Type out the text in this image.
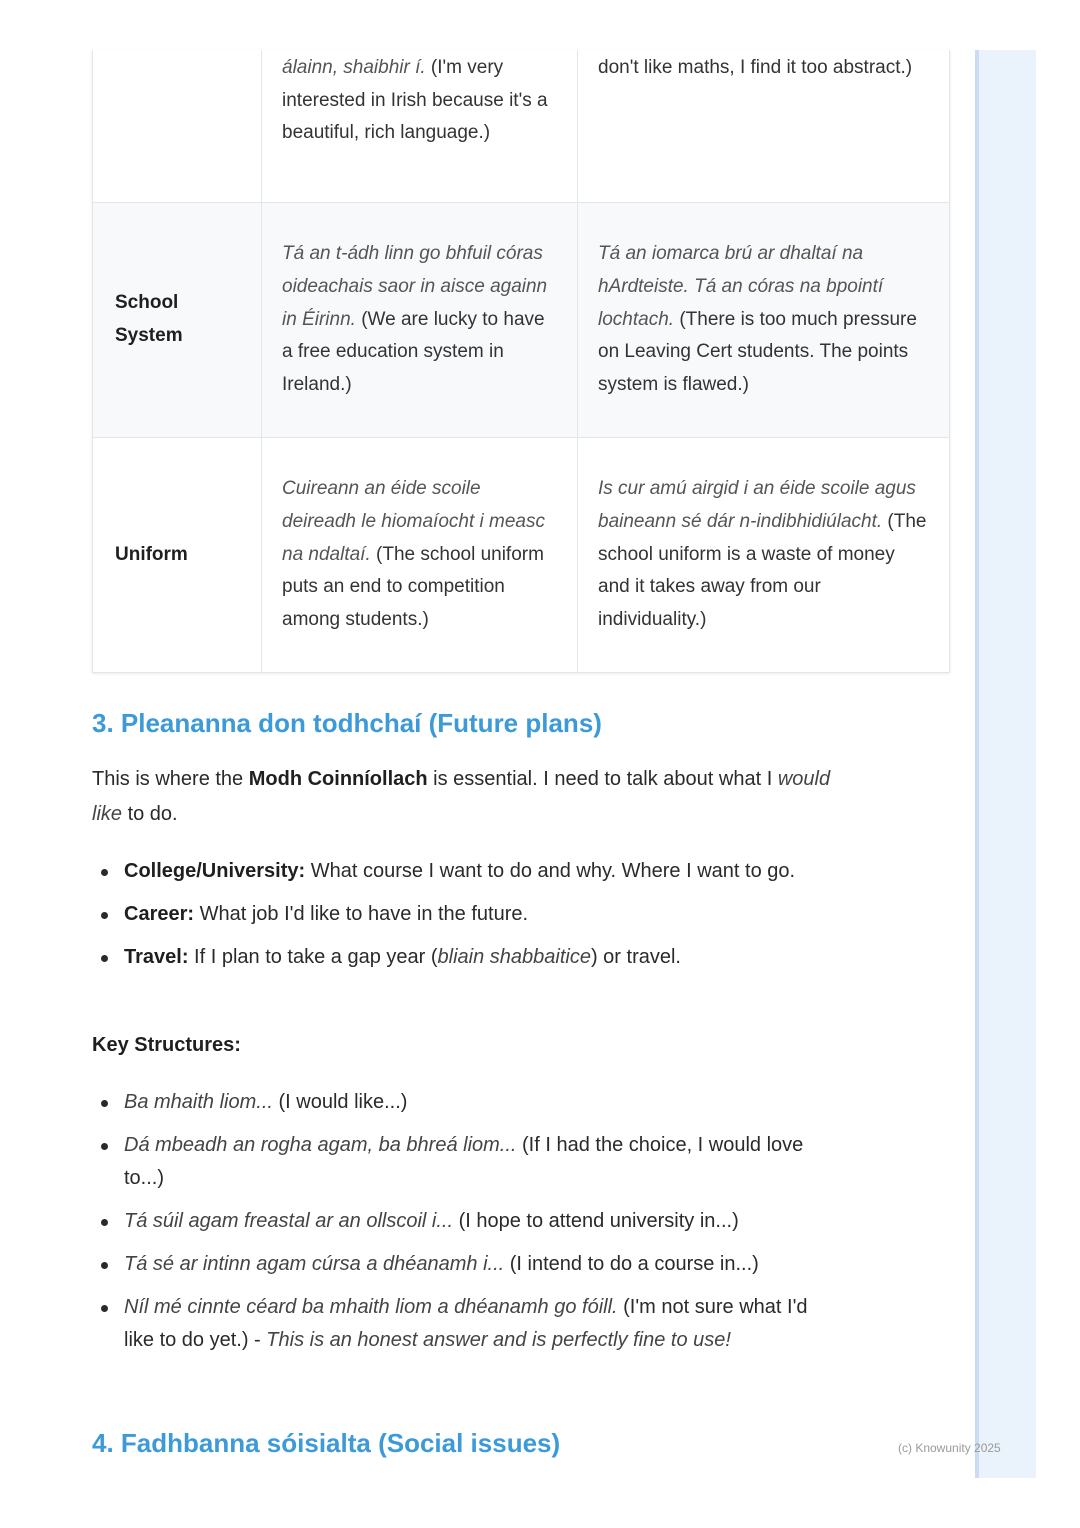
	álainn, shaibhir í. (I'm very interested in Irish because it's a beautiful, rich language.)	don't like maths, I find it too abstract.)
School System	Tá an t-ádh linn go bhfuil córas oideachais saor in aisce againn in Éirinn. (We are lucky to have a free education system in Ireland.)	Tá an iomarca brú ar dhaltaí na hArdteiste. Tá an córas na bpointí lochtach. (There is too much pressure on Leaving Cert students. The points system is flawed.)
Uniform	Cuireann an éide scoile deireadh le hiomaíocht i measc na ndaltaí. (The school uniform puts an end to competition among students.)	Is cur amú airgid i an éide scoile agus baineann sé dár n-indibhidiúlacht. (The school uniform is a waste of money and it takes away from our individuality.)
3. Pleananna don todhchaí (Future plans)

This is where the Modh Coinníollach is essential. I need to talk about what I would like to do.

College/University: What course I want to do and why. Where I want to go.
Career: What job I'd like to have in the future.
Travel: If I plan to take a gap year (bliain shabbaitice) or travel.

Key Structures:

Ba mhaith liom... (I would like...)
Dá mbeadh an rogha agam, ba bhreá liom... (If I had the choice, I would love to...)
Tá súil agam freastal ar an ollscoil i... (I hope to attend university in...)
Tá sé ar intinn agam cúrsa a dhéanamh i... (I intend to do a course in...)
Níl mé cinnte céard ba mhaith liom a dhéanamh go fóill. (I'm not sure what I'd like to do yet.) - This is an honest answer and is perfectly fine to use!
4. Fadhbanna sóisialta (Social issues)	(c) Knowunity 2025
